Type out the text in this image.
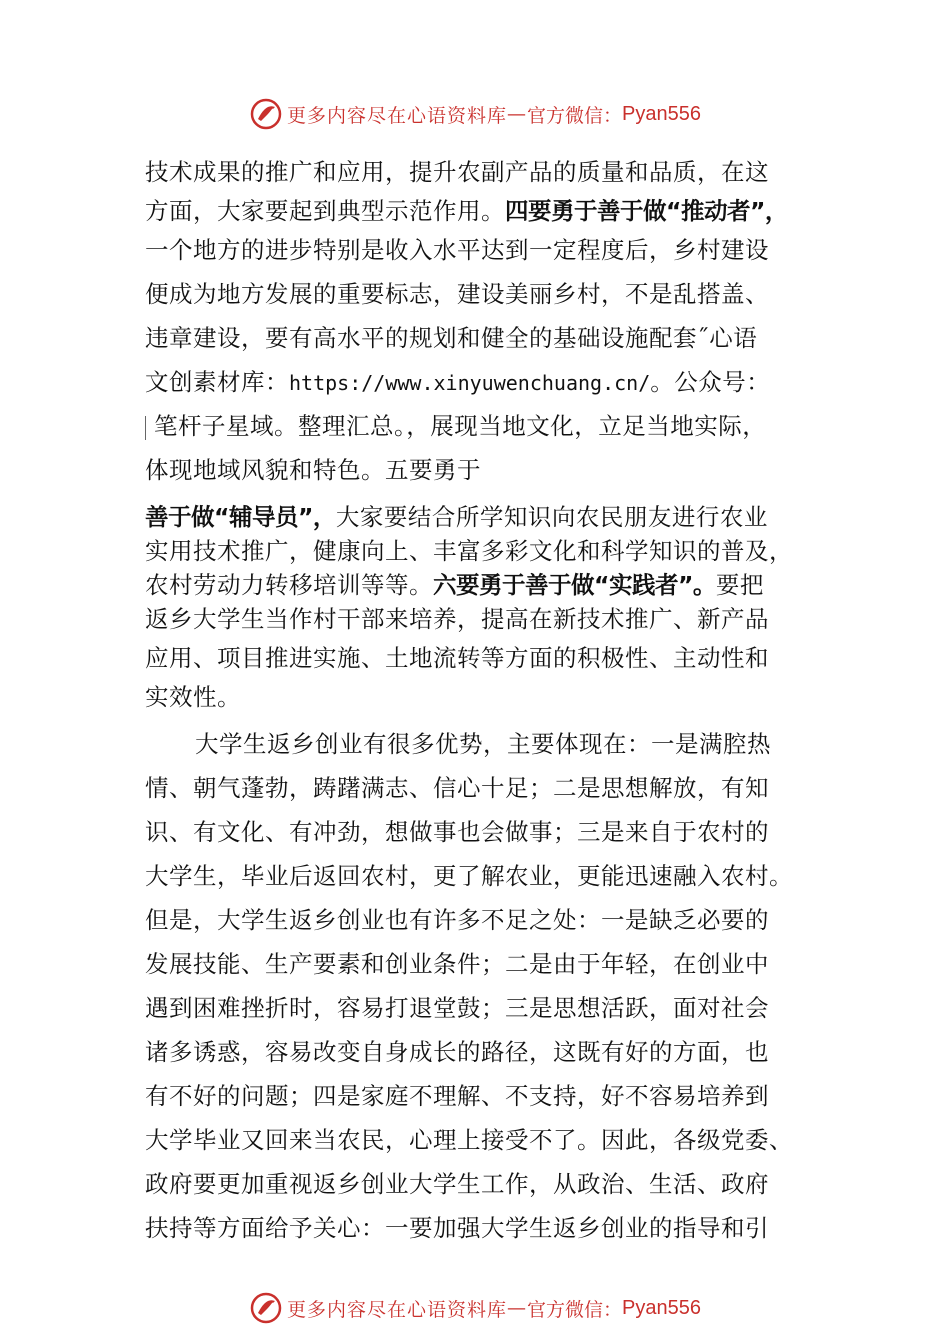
更多内容尽在心语资料库 — 官方微信： Pyan556
技术成果的推广和应用，提升农副产品的质量和品质，在这
方面，大家要起到典型示范作用。四要勇于善于做“推动者”，
一个地方的进步特别是收入水平达到一定程度后，乡村建设
便成为地方发展的重要标志，建设美丽乡村，不是乱搭盖、
违章建设，要有高水平的规划和健全的基础设施配套˝心语
文创素材库：https://www.xinyuwenchuang.cn/。公众号：
笔杆子星域。整理汇总。，展现当地文化，立足当地实际，
体现地域风貌和特色。五要勇于
善于做“辅导员”，大家要结合所学知识向农民朋友进行农业
实用技术推广，健康向上、丰富多彩文化和科学知识的普及，
农村劳动力转移培训等等。六要勇于善于做“实践者”。要把
返乡大学生当作村干部来培养，提高在新技术推广、新产品
应用、项目推进实施、土地流转等方面的积极性、主动性和
实效性。
大学生返乡创业有很多优势，主要体现在：一是满腔热
情、朝气蓬勃，踌躇满志、信心十足；二是思想解放，有知
识、有文化、有冲劲，想做事也会做事；三是来自于农村的
大学生，毕业后返回农村，更了解农业，更能迅速融入农村。
但是，大学生返乡创业也有许多不足之处：一是缺乏必要的
发展技能、生产要素和创业条件；二是由于年轻，在创业中
遇到困难挫折时，容易打退堂鼓；三是思想活跃，面对社会
诸多诱惑，容易改变自身成长的路径，这既有好的方面，也
有不好的问题；四是家庭不理解、不支持，好不容易培养到
大学毕业又回来当农民，心理上接受不了。因此，各级党委、
政府要更加重视返乡创业大学生工作，从政治、生活、政府
扶持等方面给予关心：一要加强大学生返乡创业的指导和引
更多内容尽在心语资料库 — 官方微信： Pyan556
